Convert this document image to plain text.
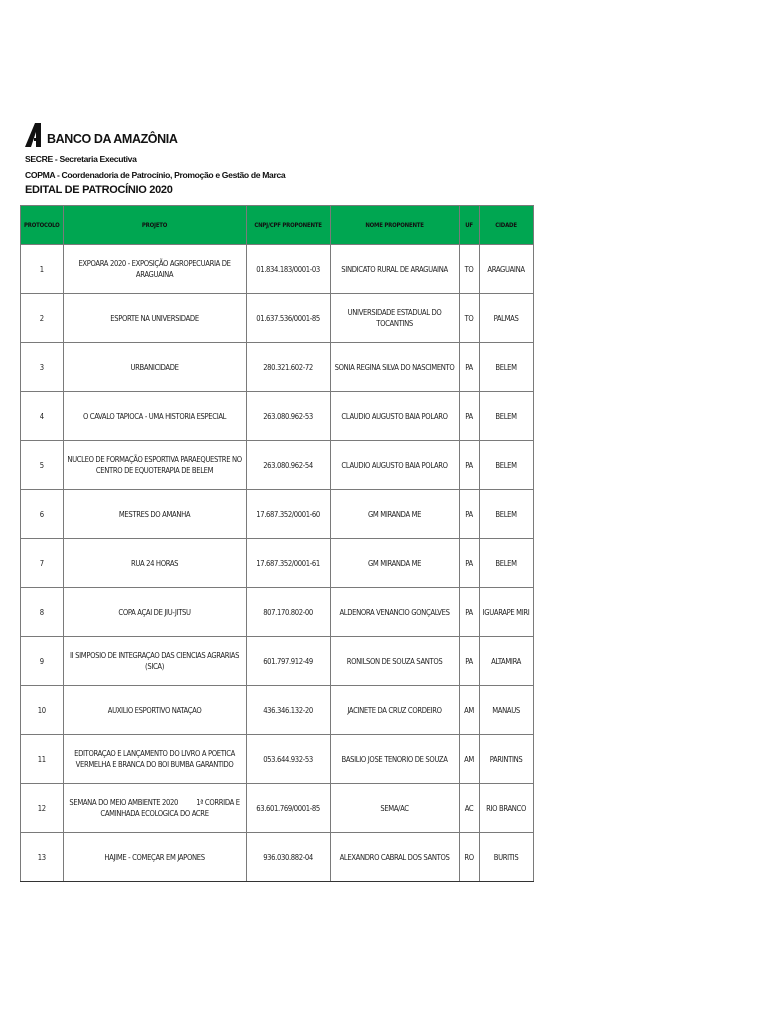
BANCO DA AMAZÔNIA
SECRE - Secretaria Executiva
COPMA - Coordenadoria de Patrocínio, Promoção e Gestão de Marca
EDITAL DE PATROCÍNIO 2020
PROTOCOLO	PROJETO	CNPJ/CPF PROPONENTE	NOME PROPONENTE	UF	CIDADE
1	EXPOARA 2020 - EXPOSIÇÃO AGROPECUARIA DE ARAGUAINA	01.834.183/0001-03	SINDICATO RURAL DE ARAGUAINA	TO	ARAGUAINA
2	ESPORTE NA UNIVERSIDADE	01.637.536/0001-85	UNIVERSIDADE ESTADUAL DO TOCANTINS	TO	PALMAS
3	URBANICIDADE	280.321.602-72	SONIA REGINA SILVA DO NASCIMENTO	PA	BELEM
4	O CAVALO TAPIOCA - UMA HISTORIA ESPECIAL	263.080.962-53	CLAUDIO AUGUSTO BAIA POLARO	PA	BELEM
5	NUCLEO DE FORMAÇÃO ESPORTIVA PARAEQUESTRE NO CENTRO DE EQUOTERAPIA DE BELEM	263.080.962-54	CLAUDIO AUGUSTO BAIA POLARO	PA	BELEM
6	MESTRES DO AMANHA	17.687.352/0001-60	GM MIRANDA ME	PA	BELEM
7	RUA 24 HORAS	17.687.352/0001-61	GM MIRANDA ME	PA	BELEM
8	COPA AÇAI DE JIU-JITSU	807.170.802-00	ALDENORA VENANCIO GONÇALVES	PA	IGUARAPE MIRI
9	II SIMPOSIO DE INTEGRAÇAO DAS CIENCIAS AGRARIAS (SICA)	601.797.912-49	RONILSON DE SOUZA SANTOS	PA	ALTAMIRA
10	AUXILIO ESPORTIVO NATAÇAO	436.346.132-20	JACINETE DA CRUZ CORDEIRO	AM	MANAUS
11	EDITORAÇAO E LANÇAMENTO DO LIVRO A POETICA VERMELHA E BRANCA DO BOI BUMBA GARANTIDO	053.644.932-53	BASILIO JOSE TENORIO DE SOUZA	AM	PARINTINS
12	SEMANA DO MEIO AMBIENTE 2020          1ª CORRIDA E CAMINHADA ECOLOGICA DO ACRE	63.601.769/0001-85	SEMA/AC	AC	RIO BRANCO
13	HAJIME - COMEÇAR EM JAPONES	936.030.882-04	ALEXANDRO CABRAL DOS SANTOS	RO	BURITIS
